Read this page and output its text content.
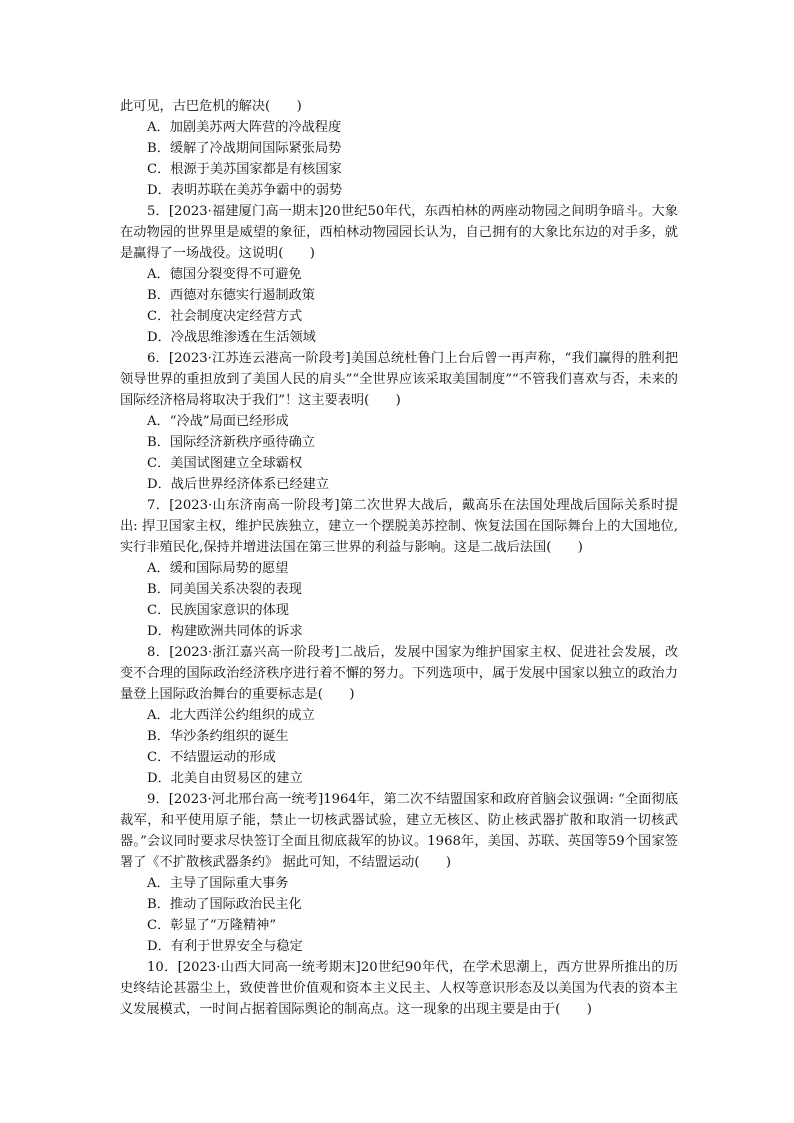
此可见，古巴危机的解决(　　)

A．加剧美苏两大阵营的冷战程度

B．缓解了冷战期间国际紧张局势

C．根源于美苏国家都是有核国家

D．表明苏联在美苏争霸中的弱势

5．[2023·福建厦门高一期末]20世纪50年代，东西柏林的两座动物园之间明争暗斗。大象在动物园的世界里是威望的象征，西柏林动物园园长认为，自己拥有的大象比东边的对手多，就是赢得了一场战役。这说明(　　)

A．德国分裂变得不可避免

B．西德对东德实行遏制政策

C．社会制度决定经营方式

D．冷战思维渗透在生活领域

6．[2023·江苏连云港高一阶段考]美国总统杜鲁门上台后曾一再声称，“我们赢得的胜利把领导世界的重担放到了美国人民的肩头”“全世界应该采取美国制度”“不管我们喜欢与否，未来的国际经济格局将取决于我们”！这主要表明(　　)

A．“冷战”局面已经形成

B．国际经济新秩序亟待确立

C．美国试图建立全球霸权

D．战后世界经济体系已经建立

7．[2023·山东济南高一阶段考]第二次世界大战后，戴高乐在法国处理战后国际关系时提出: 捍卫国家主权，维护民族独立，建立一个摆脱美苏控制、恢复法国在国际舞台上的大国地位,实行非殖民化,保持并增进法国在第三世界的利益与影响。这是二战后法国(　　)

A．缓和国际局势的愿望

B．同美国关系决裂的表现

C．民族国家意识的体现

D．构建欧洲共同体的诉求

8．[2023·浙江嘉兴高一阶段考]二战后，发展中国家为维护国家主权、促进社会发展，改变不合理的国际政治经济秩序进行着不懈的努力。下列选项中，属于发展中国家以独立的政治力量登上国际政治舞台的重要标志是(　　)

A．北大西洋公约组织的成立

B．华沙条约组织的诞生

C．不结盟运动的形成

D．北美自由贸易区的建立

9．[2023·河北邢台高一统考]1964年，第二次不结盟国家和政府首脑会议强调: “全面彻底裁军，和平使用原子能，禁止一切核武器试验，建立无核区、防止核武器扩散和取消一切核武器。”会议同时要求尽快签订全面且彻底裁军的协议。1968年，美国、苏联、英国等59个国家签署了《不扩散核武器条约》 据此可知，不结盟运动(　　)

A．主导了国际重大事务

B．推动了国际政治民主化

C．彰显了“万隆精神”

D．有利于世界安全与稳定

10．[2023·山西大同高一统考期末]20世纪90年代，在学术思潮上，西方世界所推出的历史终结论甚嚣尘上，致使普世价值观和资本主义民主、人权等意识形态及以美国为代表的资本主义发展模式，一时间占据着国际舆论的制高点。这一现象的出现主要是由于(　　)
